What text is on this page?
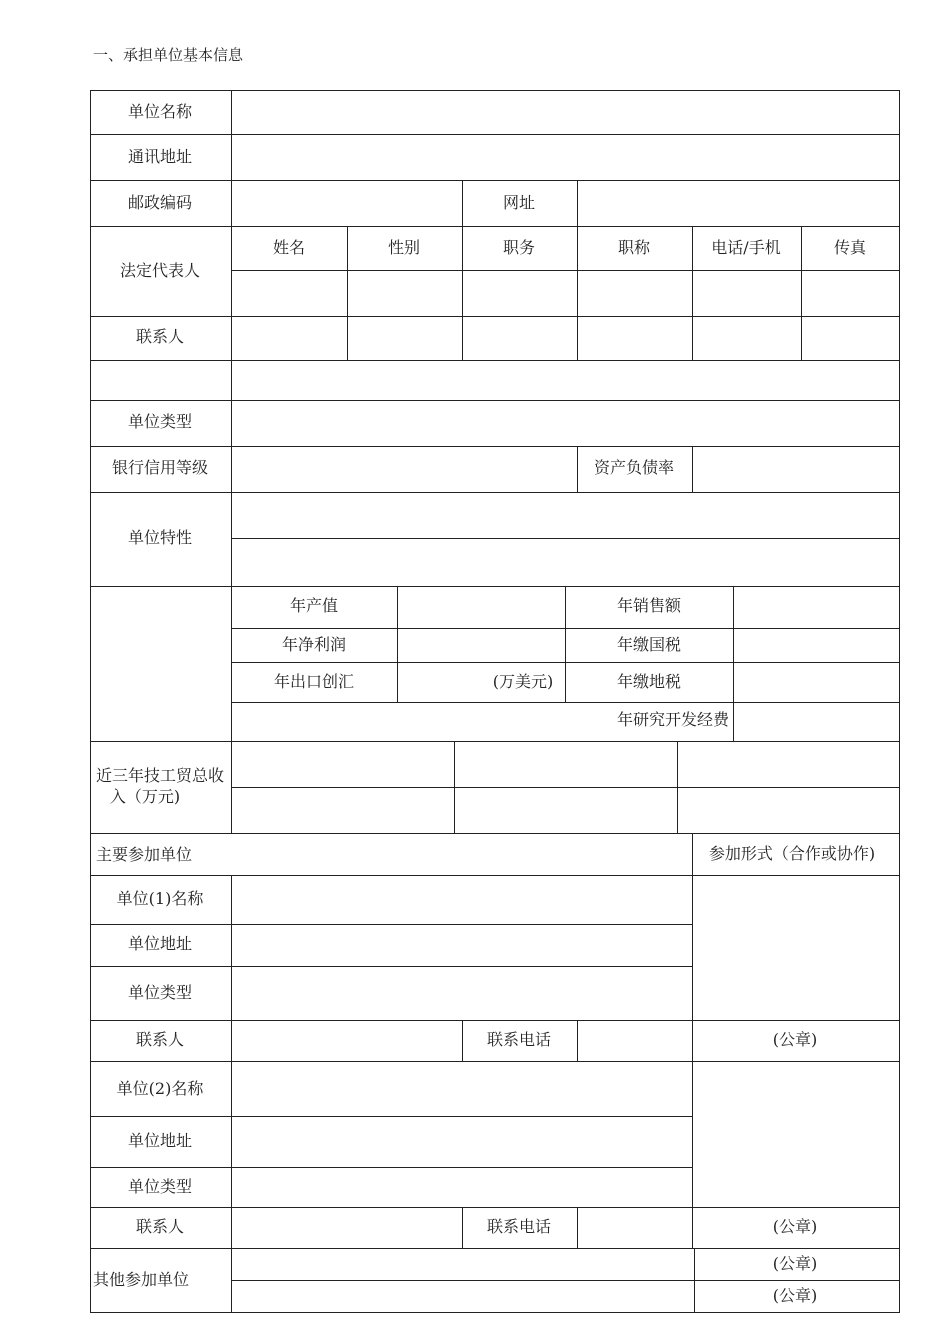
一、承担单位基本信息
单位名称
通讯地址
邮政编码	网址
法定代表人
姓名	性别	职务	职称	电话/手机	传真
联系人
单位类型
银行信用等级	资产负债率
单位特性
年产值	年销售额
年净利润	年缴国税
年出口创汇	(万美元)	年缴地税
年研究开发经费
近三年技工贸总收
入（万元)
主要参加单位	参加形式（合作或协作)
单位(1)名称
单位地址
单位类型
联系人	联系电话	(公章)
单位(2)名称
单位地址
单位类型
联系人	联系电话	(公章)
其他参加单位
(公章)
(公章)
